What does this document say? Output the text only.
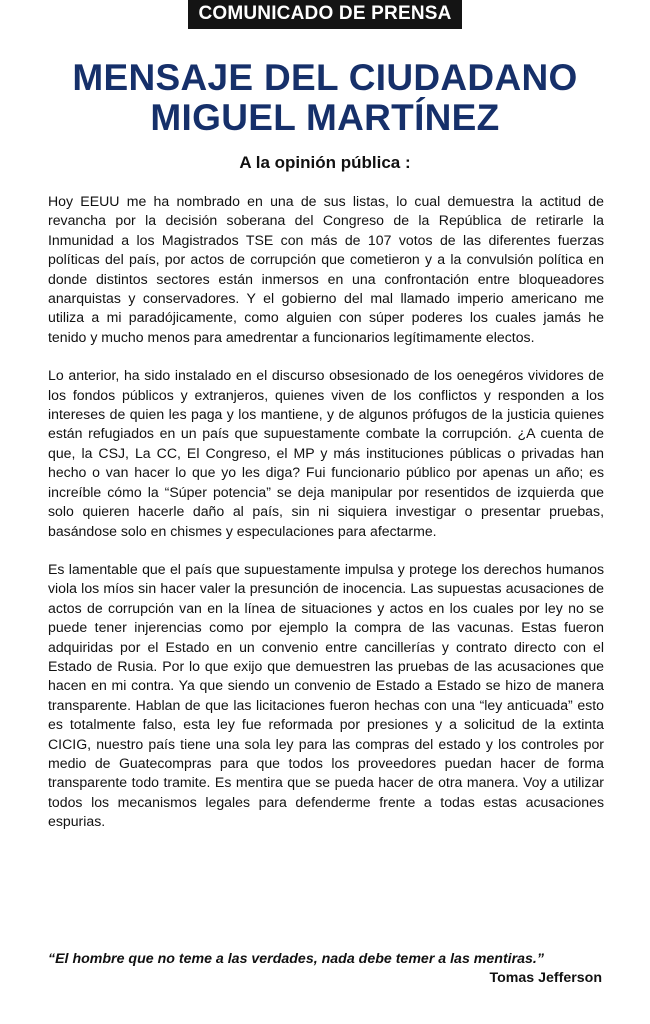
COMUNICADO DE PRENSA
MENSAJE DEL CIUDADANO
MIGUEL MARTÍNEZ
A la opinión pública :

Hoy EEUU me ha nombrado en una de sus listas, lo cual demuestra la actitud de revancha por la decisión soberana del Congreso de la República de retirarle la Inmunidad a los Magistrados TSE con más de 107 votos de las diferentes fuerzas políticas del país, por actos de corrupción que cometieron y a la convulsión política en donde distintos sectores están inmersos en una confrontación entre bloqueadores anarquistas y conservadores. Y el gobierno del mal llamado imperio americano me utiliza a mi paradójicamente, como alguien con súper poderes los cuales jamás he tenido y mucho menos para amedrentar a funcionarios legítimamente electos.

Lo anterior, ha sido instalado en el discurso obsesionado de los oenegéros vividores de los fondos públicos y extranjeros, quienes viven de los conflictos y responden a los intereses de quien les paga y los mantiene, y de algunos prófugos de la justicia quienes están refugiados en un país que supuestamente combate la corrupción. ¿A cuenta de que, la CSJ, La CC, El Congreso, el MP y más instituciones públicas o privadas han hecho o van hacer lo que yo les diga? Fui funcionario público por apenas un año; es increíble cómo la “Súper potencia” se deja manipular por resentidos de izquierda que solo quieren hacerle daño al país, sin ni siquiera investigar o presentar pruebas, basándose solo en chismes y especulaciones para afectarme.

Es lamentable que el país que supuestamente impulsa y protege los derechos humanos viola los míos sin hacer valer la presunción de inocencia. Las supuestas acusaciones de actos de corrupción van en la línea de situaciones y actos en los cuales por ley no se puede tener injerencias como por ejemplo la compra de las vacunas. Estas fueron adquiridas por el Estado en un convenio entre cancillerías y contrato directo con el Estado de Rusia. Por lo que exijo que demuestren las pruebas de las acusaciones que hacen en mi contra. Ya que siendo un convenio de Estado a Estado se hizo de manera transparente. Hablan de que las licitaciones fueron hechas con una “ley anticuada” esto es totalmente falso, esta ley fue reformada por presiones y a solicitud de la extinta CICIG, nuestro país tiene una sola ley para las compras del estado y los controles por medio de Guatecompras para que todos los proveedores puedan hacer de forma transparente todo tramite. Es mentira que se pueda hacer de otra manera. Voy a utilizar todos los mecanismos legales para defenderme frente a todas estas acusaciones espurias.

“El hombre que no teme a las verdades, nada debe temer a las mentiras.”
Tomas Jefferson
